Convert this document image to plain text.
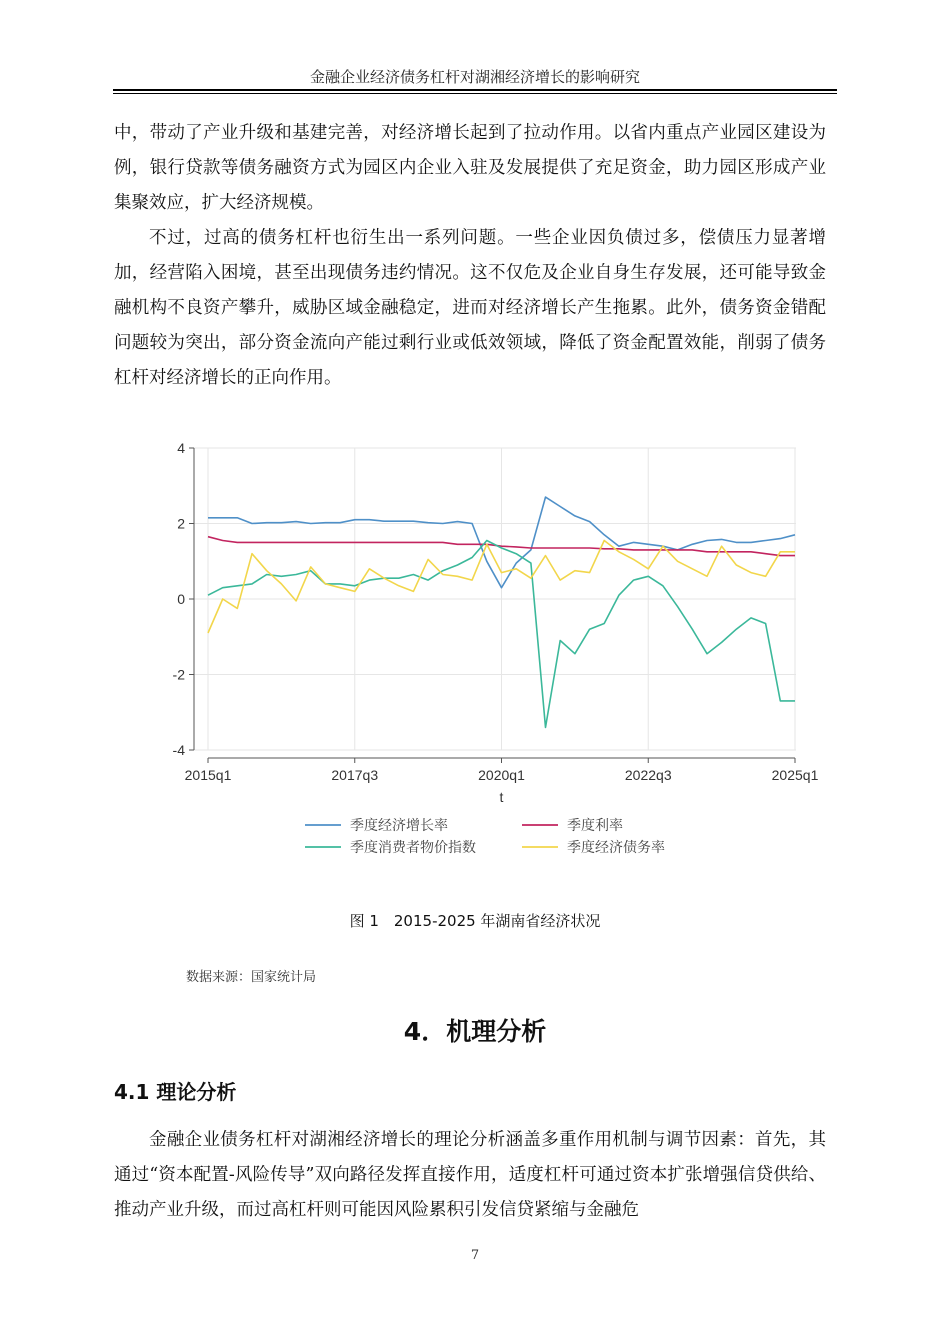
金融企业经济债务杠杆对湖湘经济增长的影响研究

中，带动了产业升级和基建完善，对经济增长起到了拉动作用。以省内重点产业园区建设为例，银行贷款等债务融资方式为园区内企业入驻及发展提供了充足资金，助力园区形成产业集聚效应，扩大经济规模。

不过，过高的债务杠杆也衍生出一系列问题。一些企业因负债过多，偿债压力显著增加，经营陷入困境，甚至出现债务违约情况。这不仅危及企业自身生存发展，还可能导致金融机构不良资产攀升，威胁区域金融稳定，进而对经济增长产生拖累。此外，债务资金错配问题较为突出，部分资金流向产能过剩行业或低效领域，降低了资金配置效能，削弱了债务杠杆对经济增长的正向作用。

-4
-2
0
2
4
2015q1	2017q3	2020q1	2022q3	2025q1
t
季度经济增长率	季度利率
季度消费者物价指数	季度经济债务率
图 1　2015-2025 年湖南省经济状况
数据来源：国家统计局
4．机理分析
4.1 理论分析

金融企业债务杠杆对湖湘经济增长的理论分析涵盖多重作用机制与调节因素：首先，其通过“资本配置-风险传导”双向路径发挥直接作用，适度杠杆可通过资本扩张增强信贷供给、推动产业升级，而过高杠杆则可能因风险累积引发信贷紧缩与金融危

7
